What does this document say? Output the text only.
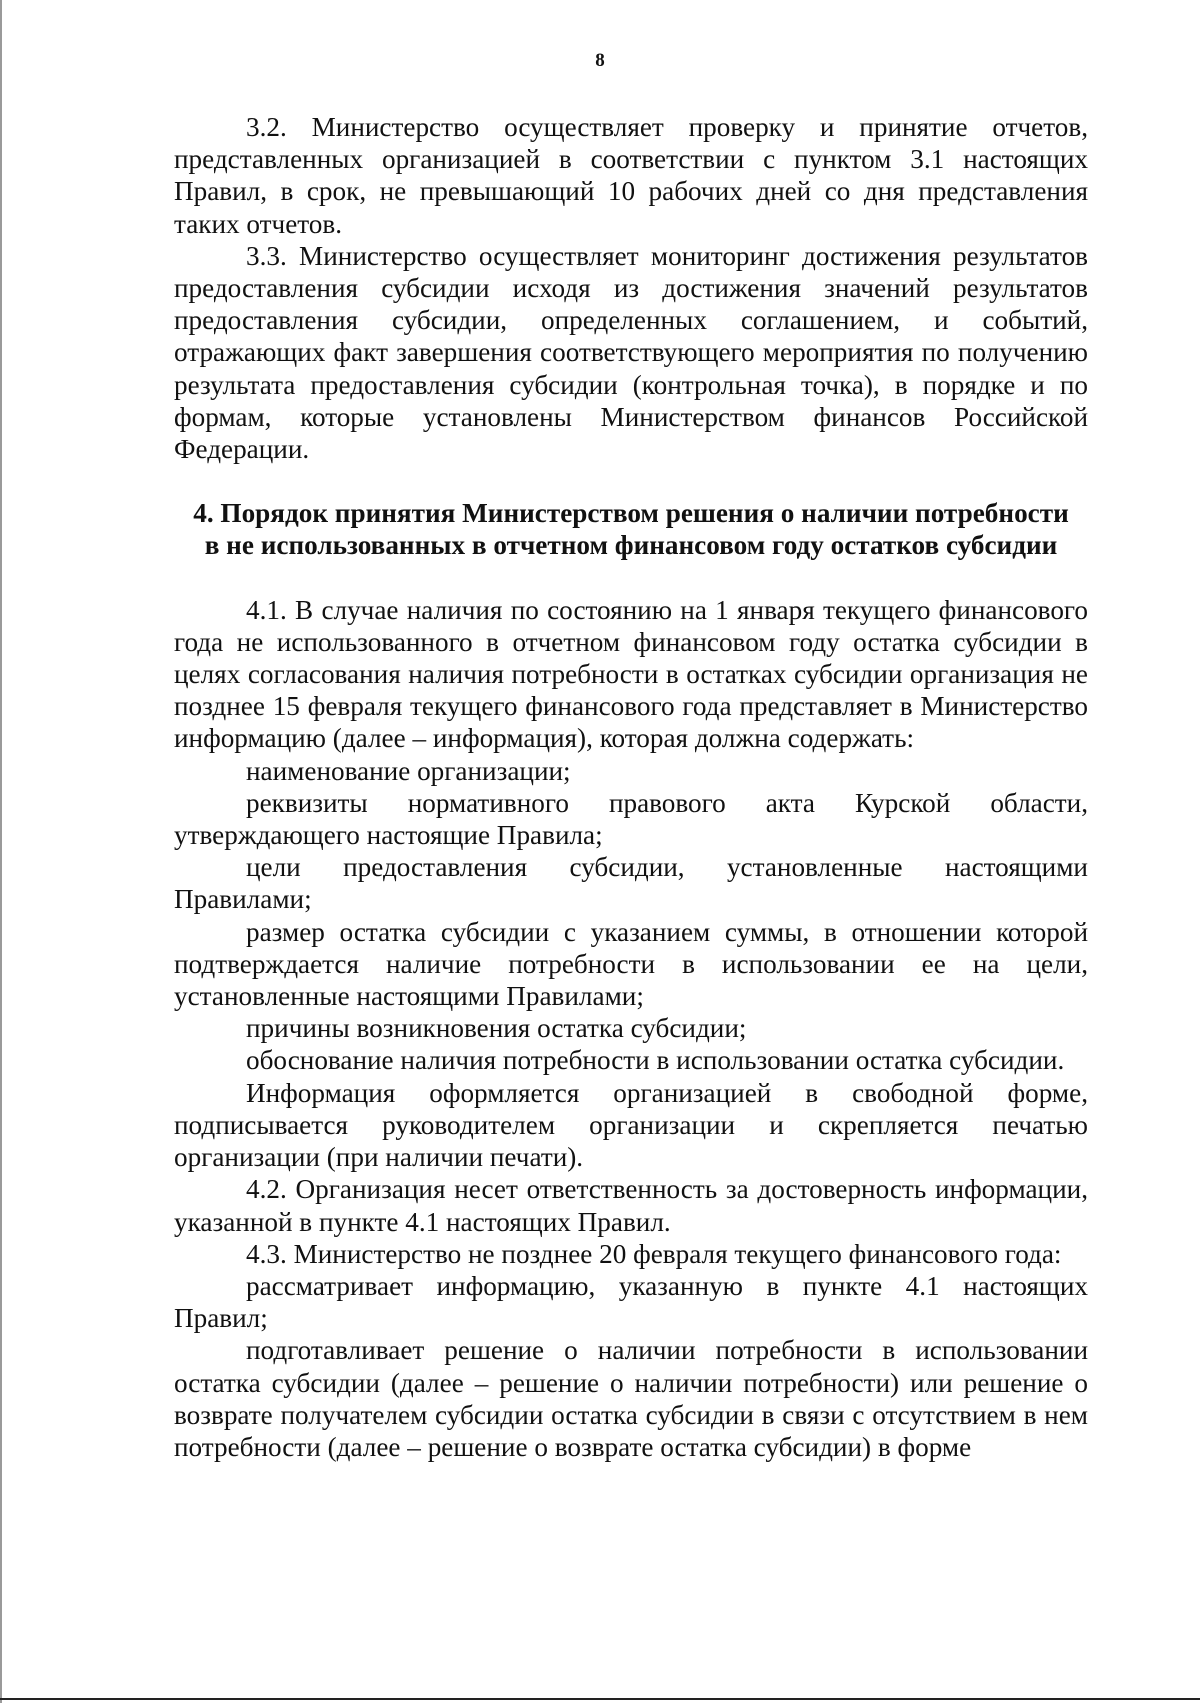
8

3.2. Министерство осуществляет проверку и принятие отчетов, представленных организацией в соответствии с пунктом 3.1 настоящих Правил, в срок, не превышающий 10 рабочих дней со дня представления таких отчетов.

3.3. Министерство осуществляет мониторинг достижения результатов предоставления субсидии исходя из достижения значений результатов предоставления субсидии, определенных соглашением, и событий, отражающих факт завершения соответствующего мероприятия по получению результата предоставления субсидии (контрольная точка), в порядке и по формам, которые установлены Министерством финансов Российской Федерации.

4. Порядок принятия Министерством решения о наличии потребности
в не использованных в отчетном финансовом году остатков субсидии

4.1. В случае наличия по состоянию на 1 января текущего финансового года не использованного в отчетном финансовом году остатка субсидии в целях согласования наличия потребности в остатках субсидии организация не позднее 15 февраля текущего финансового года представляет в Министерство информацию (далее – информация), которая должна содержать:

наименование организации;

реквизиты нормативного правового акта Курской области, утверждающего настоящие Правила;

цели предоставления субсидии, установленные настоящими Правилами;

размер остатка субсидии с указанием суммы, в отношении которой подтверждается наличие потребности в использовании ее на цели, установленные настоящими Правилами;

причины возникновения остатка субсидии;

обоснование наличия потребности в использовании остатка субсидии.

Информация оформляется организацией в свободной форме, подписывается руководителем организации и скрепляется печатью организации (при наличии печати).

4.2. Организация несет ответственность за достоверность информации, указанной в пункте 4.1 настоящих Правил.

4.3. Министерство не позднее 20 февраля текущего финансового года:

рассматривает информацию, указанную в пункте 4.1 настоящих Правил;

подготавливает решение о наличии потребности в использовании остатка субсидии (далее – решение о наличии потребности) или решение о возврате получателем субсидии остатка субсидии в связи с отсутствием в нем потребности (далее – решение о возврате остатка субсидии) в форме
